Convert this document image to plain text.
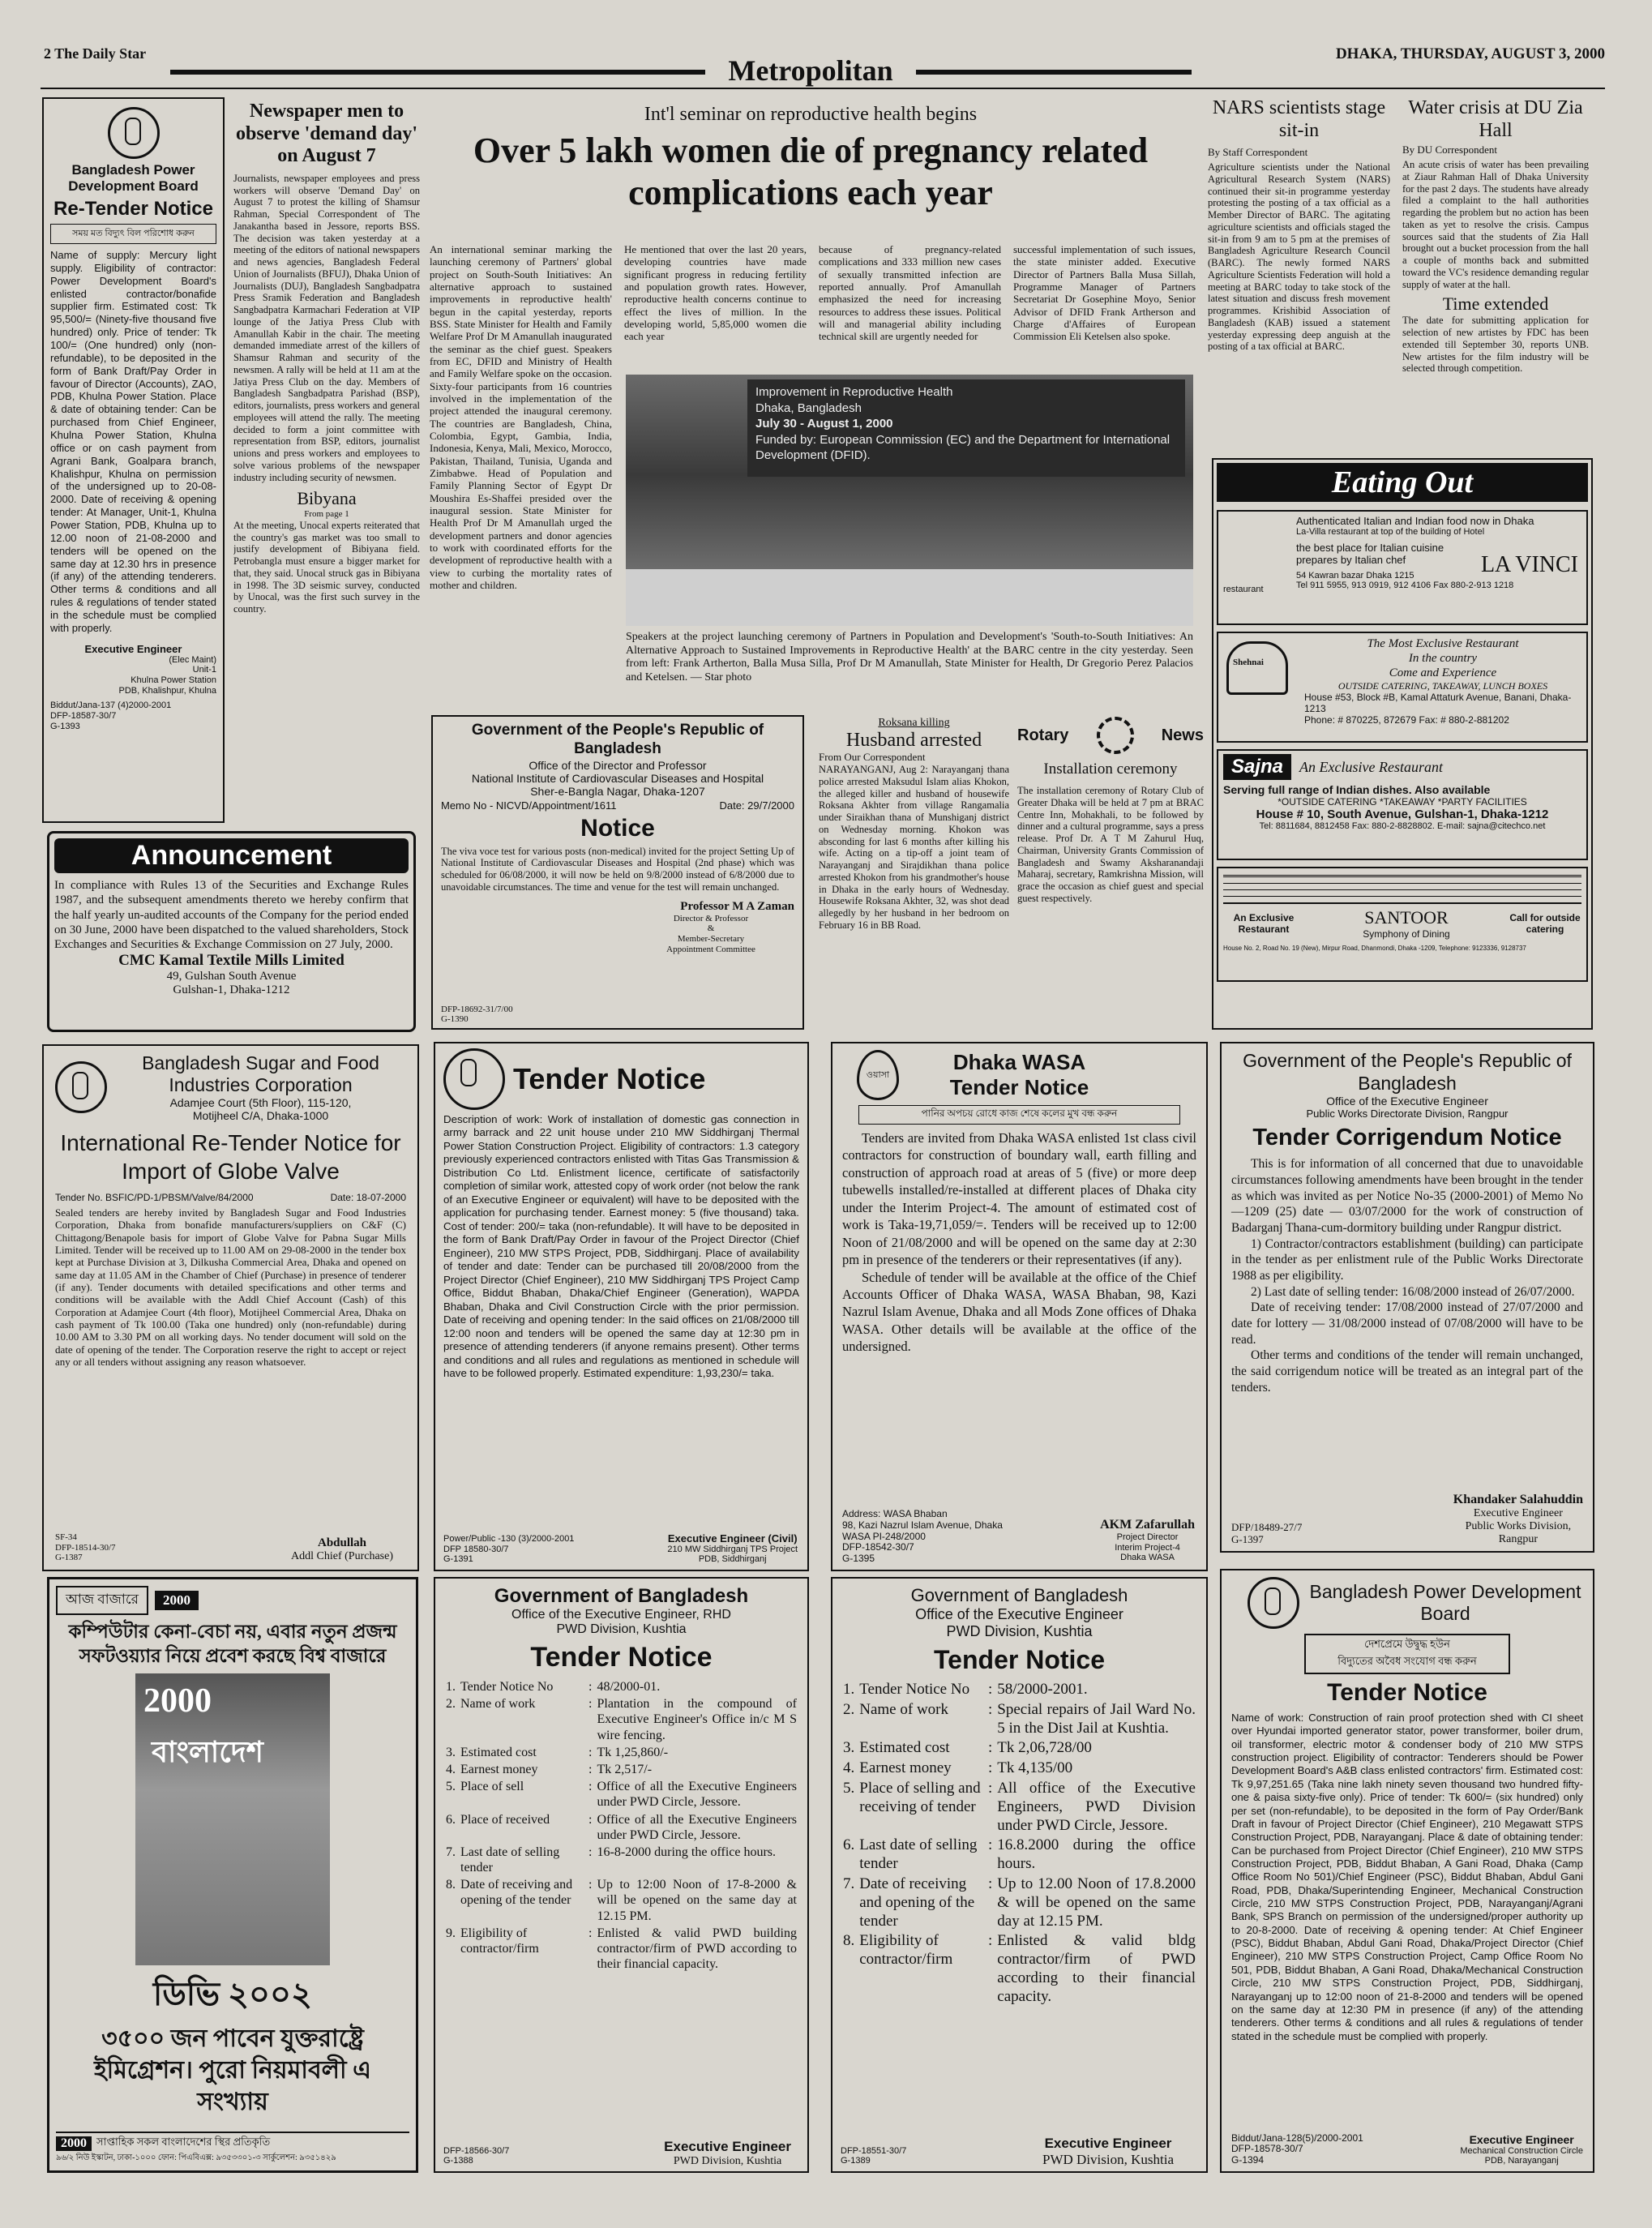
2 The Daily Star
Metropolitan
DHAKA, THURSDAY, AUGUST 3, 2000
Bangladesh Power Development Board
Re-Tender Notice
সময় মত বিদ্যুৎ বিল পরিশোধ করুন
Name of supply: Mercury light supply. Eligibility of contractor: Power Development Board's enlisted contractor/bonafide supplier firm. Estimated cost: Tk 95,500/= (Ninety-five thousand five hundred) only. Price of tender: Tk 100/= (One hundred) only (non-refundable), to be deposited in the form of Bank Draft/Pay Order in favour of Director (Accounts), ZAO, PDB, Khulna Power Station. Place & date of obtaining tender: Can be purchased from Chief Engineer, Khulna Power Station, Khulna office or on cash payment from Agrani Bank, Goalpara branch, Khalishpur, Khulna on permission of the undersigned up to 20-08-2000. Date of receiving & opening tender: At Manager, Unit-1, Khulna Power Station, PDB, Khulna up to 12.00 noon of 21-08-2000 and tenders will be opened on the same day at 12.30 hrs in presence (if any) of the attending tenderers. Other terms & conditions and all rules & regulations of tender stated in the schedule must be complied with properly.
Executive Engineer
(Elec Maint)
Unit-1
Khulna Power Station
PDB, Khalishpur, Khulna
Biddut/Jana-137 (4)2000-2001
DFP-18587-30/7
G-1393
Newspaper men to observe 'demand day' on August 7
Journalists, newspaper employees and press workers will observe 'Demand Day' on August 7 to protest the killing of Shamsur Rahman, Special Correspondent of The Janakantha based in Jessore, reports BSS. The decision was taken yesterday at a meeting of the editors of national newspapers and news agencies, Bangladesh Federal Union of Journalists (BFUJ), Dhaka Union of Journalists (DUJ), Bangladesh Sangbadpatra Press Sramik Federation and Bangladesh Sangbadpatra Karmachari Federation at VIP lounge of the Jatiya Press Club with Amanullah Kabir in the chair. The meeting demanded immediate arrest of the killers of Shamsur Rahman and security of the newsmen. A rally will be held at 11 am at the Jatiya Press Club on the day. Members of Bangladesh Sangbadpatra Parishad (BSP), editors, journalists, press workers and general employees will attend the rally. The meeting decided to form a joint committee with representation from BSP, editors, journalist unions and press workers and employees to solve various problems of the newspaper industry including security of newsmen.
Bibyana
From page 1
At the meeting, Unocal experts reiterated that the country's gas market was too small to justify development of Bibiyana field. Petrobangla must ensure a bigger market for that, they said. Unocal struck gas in Bibiyana in 1998. The 3D seismic survey, conducted by Unocal, was the first such survey in the country.
Int'l seminar on reproductive health begins
Over 5 lakh women die of pregnancy related complications each year
An international seminar marking the launching ceremony of Partners' global project on South-South Initiatives: An alternative approach to sustained improvements in reproductive health' begun in the capital yesterday, reports BSS. State Minister for Health and Family Welfare Prof Dr M Amanullah inaugurated the seminar as the chief guest. Speakers from EC, DFID and Ministry of Health and Family Welfare spoke on the occasion. Sixty-four participants from 16 countries involved in the implementation of the project attended the inaugural ceremony. The countries are Bangladesh, China, Colombia, Egypt, Gambia, India, Indonesia, Kenya, Mali, Mexico, Morocco, Pakistan, Thailand, Tunisia, Uganda and Zimbabwe. Head of Population and Family Planning Sector of Egypt Dr Moushira Es-Shaffei presided over the inaugural session. State Minister for Health Prof Dr M Amanullah urged the development partners and donor agencies to work with coordinated efforts for the development of reproductive health with a view to curbing the mortality rates of mother and children.
He mentioned that over the last 20 years, developing countries have made significant progress in reducing fertility and population growth rates. However, reproductive health concerns continue to effect the lives of million. In the developing world, 5,85,000 women die each year
because of pregnancy-related complications and 333 million new cases of sexually transmitted infection are reported annually. Prof Amanullah emphasized the need for increasing resources to address these issues. Political will and managerial ability including technical skill are urgently needed for
successful implementation of such issues, the state minister added. Executive Director of Partners Balla Musa Sillah, Programme Manager of Partners Secretariat Dr Gosephine Moyo, Senior Advisor of DFID Frank Artherson and Charge d'Affaires of European Commission Eli Ketelsen also spoke.
Improvement in Reproductive Health
Dhaka, Bangladesh
July 30 - August 1, 2000
Funded by: European Commission (EC) and the Department for International Development (DFID).
Speakers at the project launching ceremony of Partners in Population and Development's 'South-to-South Initiatives: An Alternative Approach to Sustained Improvements in Reproductive Health' at the BARC centre in the city yesterday. Seen from left: Frank Artherton, Balla Musa Silla, Prof Dr M Amanullah, State Minister for Health, Dr Gregorio Perez Palacios and Ketelsen. — Star photo
NARS scientists stage sit-in
By Staff Correspondent
Agriculture scientists under the National Agricultural Research System (NARS) continued their sit-in programme yesterday protesting the posting of a tax official as a Member Director of BARC. The agitating agriculture scientists and officials staged the sit-in from 9 am to 5 pm at the premises of Bangladesh Agriculture Research Council (BARC). The newly formed NARS Agriculture Scientists Federation will hold a meeting at BARC today to take stock of the latest situation and discuss fresh movement programmes. Krishibid Association of Bangladesh (KAB) issued a statement yesterday expressing deep anguish at the posting of a tax official at BARC.
Water crisis at DU Zia Hall
By DU Correspondent
An acute crisis of water has been prevailing at Ziaur Rahman Hall of Dhaka University for the past 2 days. The students have already filed a complaint to the hall authorities regarding the problem but no action has been taken as yet to resolve the crisis. Campus sources said that the students of Zia Hall brought out a bucket procession from the hall a couple of months back and submitted toward the VC's residence demanding regular supply of water at the hall.
Time extended
The date for submitting application for selection of new artistes by FDC has been extended till September 30, reports UNB. New artistes for the film industry will be selected through competition.
Eating Out
Authenticated Italian and Indian food now in Dhaka
La-Villa restaurant at top of the building of Hotel
the best place for Italian cuisine prepares by Italian chef	LA VINCI
restaurant
54 Kawran bazar Dhaka 1215
Tel 911 5955, 913 0919, 912 4106 Fax 880-2-913 1218
Shehnai
The Most Exclusive Restaurant
In the country
Come and Experience
OUTSIDE CATERING, TAKEAWAY, LUNCH BOXES
House #53, Block #B, Kamal Attaturk Avenue, Banani, Dhaka-1213
Phone: # 870225, 872679 Fax: # 880-2-881202
Sajna	An Exclusive Restaurant
Serving full range of Indian dishes. Also available
*OUTSIDE CATERING *TAKEAWAY *PARTY FACILITIES
House # 10, South Avenue, Gulshan-1, Dhaka-1212
Tel: 8811684, 8812458 Fax: 880-2-8828802. E-mail: sajna@citechco.net
An Exclusive Restaurant
SANTOOR
Symphony of Dining
Call for outside catering
House No. 2, Road No. 19 (New), Mirpur Road, Dhanmondi, Dhaka -1209, Telephone: 9123336, 9128737
Announcement
In compliance with Rules 13 of the Securities and Exchange Rules 1987, and the subsequent amendments thereto we hereby confirm that the half yearly un-audited accounts of the Company for the period ended on 30 June, 2000 have been dispatched to the valued shareholders, Stock Exchanges and Securities & Exchange Commission on 27 July, 2000.
CMC Kamal Textile Mills Limited
49, Gulshan South Avenue
Gulshan-1, Dhaka-1212
Government of the People's Republic of Bangladesh
Office of the Director and Professor
National Institute of Cardiovascular Diseases and Hospital
Sher-e-Bangla Nagar, Dhaka-1207
Memo No - NICVD/Appointment/1611	Date: 29/7/2000
Notice
The viva voce test for various posts (non-medical) invited for the project Setting Up of National Institute of Cardiovascular Diseases and Hospital (2nd phase) which was scheduled for 06/08/2000, it will now be held on 9/8/2000 instead of 6/8/2000 due to unavoidable circumstances. The time and venue for the test will remain unchanged.
Professor M A Zaman
Director & Professor
&
Member-Secretary
Appointment Committee
DFP-18692-31/7/00
G-1390
Roksana killing
Husband arrested
From Our Correspondent
NARAYANGANJ, Aug 2: Narayanganj thana police arrested Maksudul Islam alias Khokon, the alleged killer and husband of housewife Roksana Akhter from village Rangamalia under Siraikhan thana of Munshiganj district on Wednesday morning. Khokon was absconding for last 6 months after killing his wife. Acting on a tip-off a joint team of Narayanganj and Sirajdikhan thana police arrested Khokon from his grandmother's house in Dhaka in the early hours of Wednesday. Housewife Roksana Akhter, 32, was shot dead allegedly by her husband in her bedroom on February 16 in BB Road.
Rotary	News
Installation ceremony
The installation ceremony of Rotary Club of Greater Dhaka will be held at 7 pm at BRAC Centre Inn, Mohakhali, to be followed by dinner and a cultural programme, says a press release. Prof Dr. A T M Zahurul Huq, Chairman, University Grants Commission of Bangladesh and Swamy Aksharanandaji Maharaj, secretary, Ramkrishna Mission, will grace the occasion as chief guest and special guest respectively.
Bangladesh Sugar and Food
Industries Corporation
Adamjee Court (5th Floor), 115-120,
Motijheel C/A, Dhaka-1000
International Re-Tender Notice for Import of Globe Valve
Tender No. BSFIC/PD-1/PBSM/Valve/84/2000	Date: 18-07-2000
Sealed tenders are hereby invited by Bangladesh Sugar and Food Industries Corporation, Dhaka from bonafide manufacturers/suppliers on C&F (C) Chittagong/Benapole basis for import of Globe Valve for Pabna Sugar Mills Limited. Tender will be received up to 11.00 AM on 29-08-2000 in the tender box kept at Purchase Division at 3, Dilkusha Commercial Area, Dhaka and opened on same day at 11.05 AM in the Chamber of Chief (Purchase) in presence of tenderer (if any). Tender documents with detailed specifications and other terms and conditions will be available with the Addl Chief Account (Cash) of this Corporation at Adamjee Court (4th floor), Motijheel Commercial Area, Dhaka on cash payment of Tk 100.00 (Taka one hundred) only (non-refundable) during 10.00 AM to 3.30 PM on all working days. No tender document will sold on the date of opening of the tender. The Corporation reserve the right to accept or reject any or all tenders without assigning any reason whatsoever.
SF-34
DFP-18514-30/7
G-1387
Abdullah
Addl Chief (Purchase)
Tender Notice
Description of work: Work of installation of domestic gas connection in army barrack and 22 unit house under 210 MW Siddhirganj Thermal Power Station Construction Project. Eligibility of contractors: 1.3 category previously experienced contractors enlisted with Titas Gas Transmission & Distribution Co Ltd. Enlistment licence, certificate of satisfactorily completion of similar work, attested copy of work order (not below the rank of an Executive Engineer or equivalent) will have to be deposited with the application for purchasing tender. Earnest money: 5 (five thousand) taka. Cost of tender: 200/= taka (non-refundable). It will have to be deposited in the form of Bank Draft/Pay Order in favour of the Project Director (Chief Engineer), 210 MW STPS Project, PDB, Siddhirganj. Place of availability of tender and date: Tender can be purchased till 20/08/2000 from the Project Director (Chief Engineer), 210 MW Siddhirganj TPS Project Camp Office, Biddut Bhaban, Dhaka/Chief Engineer (Generation), WAPDA Bhaban, Dhaka and Civil Construction Circle with the prior permission. Date of receiving and opening tender: In the said offices on 21/08/2000 till 12:00 noon and tenders will be opened the same day at 12:30 pm in presence of attending tenderers (if anyone remains present). Other terms and conditions and all rules and regulations as mentioned in schedule will have to be followed properly. Estimated expenditure: 1,93,230/= taka.
Power/Public -130 (3)/2000-2001
DFP 18580-30/7
G-1391
Executive Engineer (Civil)
210 MW Siddhirganj TPS Project
PDB, Siddhirganj
ওয়াসা
Dhaka WASA
Tender Notice
পানির অপচয় রোধে কাজ শেষে কলের মুখ বন্ধ করুন
Tenders are invited from Dhaka WASA enlisted 1st class civil contractors for construction of boundary wall, earth filling and construction of approach road at areas of 5 (five) or more deep tubewells installed/re-installed at different places of Dhaka city under the Interim Project-4. The amount of estimated cost of work is Taka-19,71,059/=. Tenders will be received up to 12:00 Noon of 21/08/2000 and will be opened on the same day at 2:30 pm in presence of the tenderers or their representatives (if any).
Schedule of tender will be available at the office of the Chief Accounts Officer of Dhaka WASA, WASA Bhaban, 98, Kazi Nazrul Islam Avenue, Dhaka and all Mods Zone offices of Dhaka WASA. Other details will be available at the office of the undersigned.
Address: WASA Bhaban
98, Kazi Nazrul Islam Avenue, Dhaka
WASA PI-248/2000
DFP-18542-30/7
G-1395
AKM Zafarullah
Project Director
Interim Project-4
Dhaka WASA
Government of the People's Republic of Bangladesh
Office of the Executive Engineer
Public Works Directorate Division, Rangpur
Tender Corrigendum Notice
This is for information of all concerned that due to unavoidable circumstances following amendments have been brought in the tender as which was invited as per Notice No-35 (2000-2001) of Memo No —1209 (25) date — 03/07/2000 for the work of construction of Badarganj Thana-cum-dormitory building under Rangpur district.
1) Contractor/contractors establishment (building) can participate in the tender as per enlistment rule of the Public Works Directorate 1988 as per eligibility.
2) Last date of selling tender: 16/08/2000 instead of 26/07/2000.
Date of receiving tender: 17/08/2000 instead of 27/07/2000 and date for lottery — 31/08/2000 instead of 07/08/2000 will have to be read.
Other terms and conditions of the tender will remain unchanged, the said corrigendum notice will be treated as an integral part of the tenders.
DFP/18489-27/7
G-1397
Khandaker Salahuddin
Executive Engineer
Public Works Division,
Rangpur
আজ বাজারে	2000
কম্পিউটার কেনা-বেচা নয়, এবার নতুন প্রজন্ম সফটওয়্যার নিয়ে প্রবেশ করছে বিশ্ব বাজারে
2000
বাংলাদেশ
ডিভি ২০০২
৩৫০০ জন পাবেন যুক্তরাষ্ট্রে ইমিগ্রেশন। পুরো নিয়মাবলী এ সংখ্যায়
2000 সাপ্তাহিক সকল বাংলাদেশের স্থির প্রতিকৃতি
৯৬/২ নিউ ইস্কাটন, ঢাকা-১০০০ ফোন: পিএবিএক্স: ৯৩৫৩৩০১-৩ সার্কুলেশন: ৯৩৫১৪২৯
Government of Bangladesh
Office of the Executive Engineer, RHD
PWD Division, Kushtia
Tender Notice
1.	Tender Notice No	:	48/2000-01.
2.	Name of work	:	Plantation in the compound of Executive Engineer's Office in/c M S wire fencing.
3.	Estimated cost	:	Tk 1,25,860/-
4.	Earnest money	:	Tk 2,517/-
5.	Place of sell	:	Office of all the Executive Engineers under PWD Circle, Jessore.
6.	Place of received	:	Office of all the Executive Engineers under PWD Circle, Jessore.
7.	Last date of selling tender	:	16-8-2000 during the office hours.
8.	Date of receiving and opening of the tender	:	Up to 12:00 Noon of 17-8-2000 & will be opened on the same day at 12.15 PM.
9.	Eligibility of contractor/firm	:	Enlisted & valid PWD building contractor/firm of PWD according to their financial capacity.
DFP-18566-30/7
G-1388
Executive Engineer
PWD Division, Kushtia
Government of Bangladesh
Office of the Executive Engineer
PWD Division, Kushtia
Tender Notice
1.	Tender Notice No	:	58/2000-2001.
2.	Name of work	:	Special repairs of Jail Ward No. 5 in the Dist Jail at Kushtia.
3.	Estimated cost	:	Tk 2,06,728/00
4.	Earnest money	:	Tk 4,135/00
5.	Place of selling and receiving of tender	:	All office of the Executive Engineers, PWD Division under PWD Circle, Jessore.
6.	Last date of selling tender	:	16.8.2000 during the office hours.
7.	Date of receiving and opening of the tender	:	Up to 12.00 Noon of 17.8.2000 & will be opened on the same day at 12.15 PM.
8.	Eligibility of contractor/firm	:	Enlisted & valid bldg contractor/firm of PWD according to their financial capacity.
DFP-18551-30/7
G-1389
Executive Engineer
PWD Division, Kushtia
Bangladesh Power Development Board
দেশপ্রেমে উদ্বুদ্ধ হউন
বিদ্যুতের অবৈধ সংযোগ বন্ধ করুন
Tender Notice
Name of work: Construction of rain proof protection shed with CI sheet over Hyundai imported generator stator, power transformer, boiler drum, oil transformer, electric motor & condenser body of 210 MW STPS construction project. Eligibility of contractor: Tenderers should be Power Development Board's A&B class enlisted contractors' firm. Estimated cost: Tk 9,97,251.65 (Taka nine lakh ninety seven thousand two hundred fifty-one & paisa sixty-five only). Price of tender: Tk 600/= (six hundred) only per set (non-refundable), to be deposited in the form of Pay Order/Bank Draft in favour of Project Director (Chief Engineer), 210 Megawatt STPS Construction Project, PDB, Narayanganj. Place & date of obtaining tender: Can be purchased from Project Director (Chief Engineer), 210 MW STPS Construction Project, PDB, Biddut Bhaban, A Gani Road, Dhaka (Camp Office Room No 501)/Chief Engineer (PSC), Biddut Bhaban, Abdul Gani Road, PDB, Dhaka/Superintending Engineer, Mechanical Construction Circle, 210 MW STPS Construction Project, PDB, Narayanganj/Agrani Bank, SPS Branch on permission of the undersigned/proper authority up to 20-8-2000. Date of receiving & opening tender: At Chief Engineer (PSC), Biddut Bhaban, Abdul Gani Road, Dhaka/Project Director (Chief Engineer), 210 MW STPS Construction Project, Camp Office Room No 501, PDB, Biddut Bhaban, A Gani Road, Dhaka/Mechanical Construction Circle, 210 MW STPS Construction Project, PDB, Siddhirganj, Narayanganj up to 12:00 noon of 21-8-2000 and tenders will be opened on the same day at 12:30 PM in presence (if any) of the attending tenderers. Other terms & conditions and all rules & regulations of tender stated in the schedule must be complied with properly.
Biddut/Jana-128(5)/2000-2001
DFP-18578-30/7
G-1394
Executive Engineer
Mechanical Construction Circle
PDB, Narayanganj
